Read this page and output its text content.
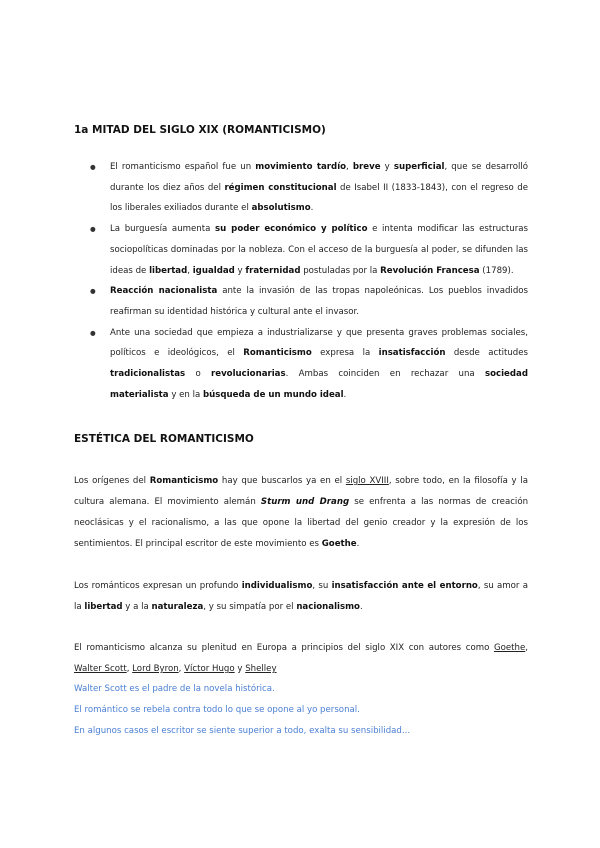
1a MITAD DEL SIGLO XIX (ROMANTICISMO)
● El romanticismo español fue un movimiento tardío, breve y superficial, que se desarrolló durante los diez años del régimen constitucional de Isabel II (1833-1843), con el regreso de los liberales exiliados durante el absolutismo.
● La burguesía aumenta su poder económico y político e intenta modificar las estructuras sociopolíticas dominadas por la nobleza. Con el acceso de la burguesía al poder, se difunden las ideas de libertad, igualdad y fraternidad postuladas por la Revolución Francesa (1789).
● Reacción nacionalista ante la invasión de las tropas napoleónicas. Los pueblos invadidos reafirman su identidad histórica y cultural ante el invasor.
● Ante una sociedad que empieza a industrializarse y que presenta graves problemas sociales, políticos e ideológicos, el Romanticismo expresa la insatisfacción desde actitudes tradicionalistas o revolucionarias. Ambas coinciden en rechazar una sociedad materialista y en la búsqueda de un mundo ideal.
ESTÉTICA DEL ROMANTICISMO

Los orígenes del Romanticismo hay que buscarlos ya en el siglo XVIII, sobre todo, en la filosofía y la cultura alemana. El movimiento alemán Sturm und Drang se enfrenta a las normas de creación neoclásicas y el racionalismo, a las que opone la libertad del genio creador y la expresión de los sentimientos. El principal escritor de este movimiento es Goethe.

Los románticos expresan un profundo individualismo, su insatisfacción ante el entorno, su amor a la libertad y a la naturaleza, y su simpatía por el nacionalismo.

El romanticismo alcanza su plenitud en Europa a principios del siglo XIX con autores como Goethe, Walter Scott, Lord Byron, Víctor Hugo y Shelley

Walter Scott es el padre de la novela histórica.

El romántico se rebela contra todo lo que se opone al yo personal.

En algunos casos el escritor se siente superior a todo, exalta su sensibilidad...
